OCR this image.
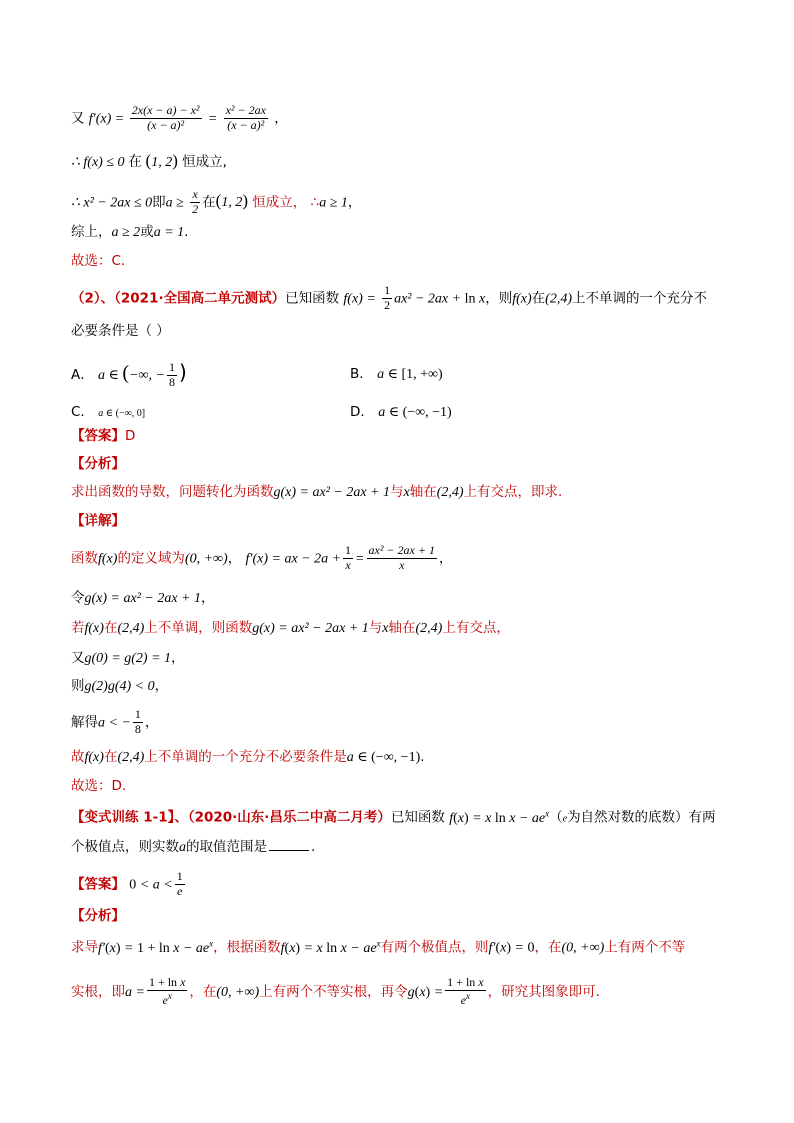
又 $f'(x) = \frac{\text{2x(x − a) − x²}}{\text{(x − a)²}} = \frac{\text{x² − 2ax}}{\text{(x − a)²}}$ ，
∴ f(x) ≤ 0 在 (1, 2) 恒成立,
∴ x² − 2ax ≤ 0即$a \ge \frac{x}{2}$ 在(1, 2) 恒成立， ∴a ≥ 1，
综上，a ≥ 2或a = 1.
故选：C.
（2）、（2021·全国高二单元测试）已知函数 $f(x) = \frac{1}{2} ax^2 - 2ax + \ln x$，则f(x)在(2,4)上不单调的一个充分不
必要条件是（ ）
A． a ∈ (−∞, − $\frac{1}{8}$ )	B． a ∈ [1, +∞)
C． a ∈ (−∞, 0]	D． a ∈ (−∞, −1)
【答案】D
【分析】
求出函数的导数，问题转化为函数g(x) = ax² − 2ax + 1与x轴在(2,4)上有交点，即求.
【详解】
函数f(x)的定义域为(0, +∞)， f′(x) = ax − $2a + \frac{1}{x} = \frac{\text{ax² − 2ax + 1}}{x}$ ，
令g(x) = ax² − 2ax + 1，
若f(x)在(2,4)上不单调，则函数g(x) = ax² − 2ax + 1与x轴在(2,4)上有交点，
又g(0) = g(2) = 1，
则g(2)g(4) < 0，
解得a < − $\frac{1}{8}$ ，
故f(x)在(2,4)上不单调的一个充分不必要条件是a ∈ (−∞, −1).
故选：D.
【变式训练 1-1】、（2020·山东·昌乐二中高二月考）已知函数 f(x) = x $\ln x - ae^x(e$为自然对数的底数）有两
个极值点，则实数a的取值范围是	.
【答案】 $0 < a < \frac{1}{e}$
【分析】
求导$f'(x) = 1 + \ln x - ae^x$，根据函数f(x) = x $\ln x - ae^x$有两个极值点，则f′(x) = 0，在(0, +∞)上有两个不等
实根，即$a = \frac{\text{1 + ln x}}{e^x}$ ，在(0, +∞)上有两个不等实根，再令$g(x) = \frac{\text{1 + ln x}}{e^x}$ ，研究其图象即可.
